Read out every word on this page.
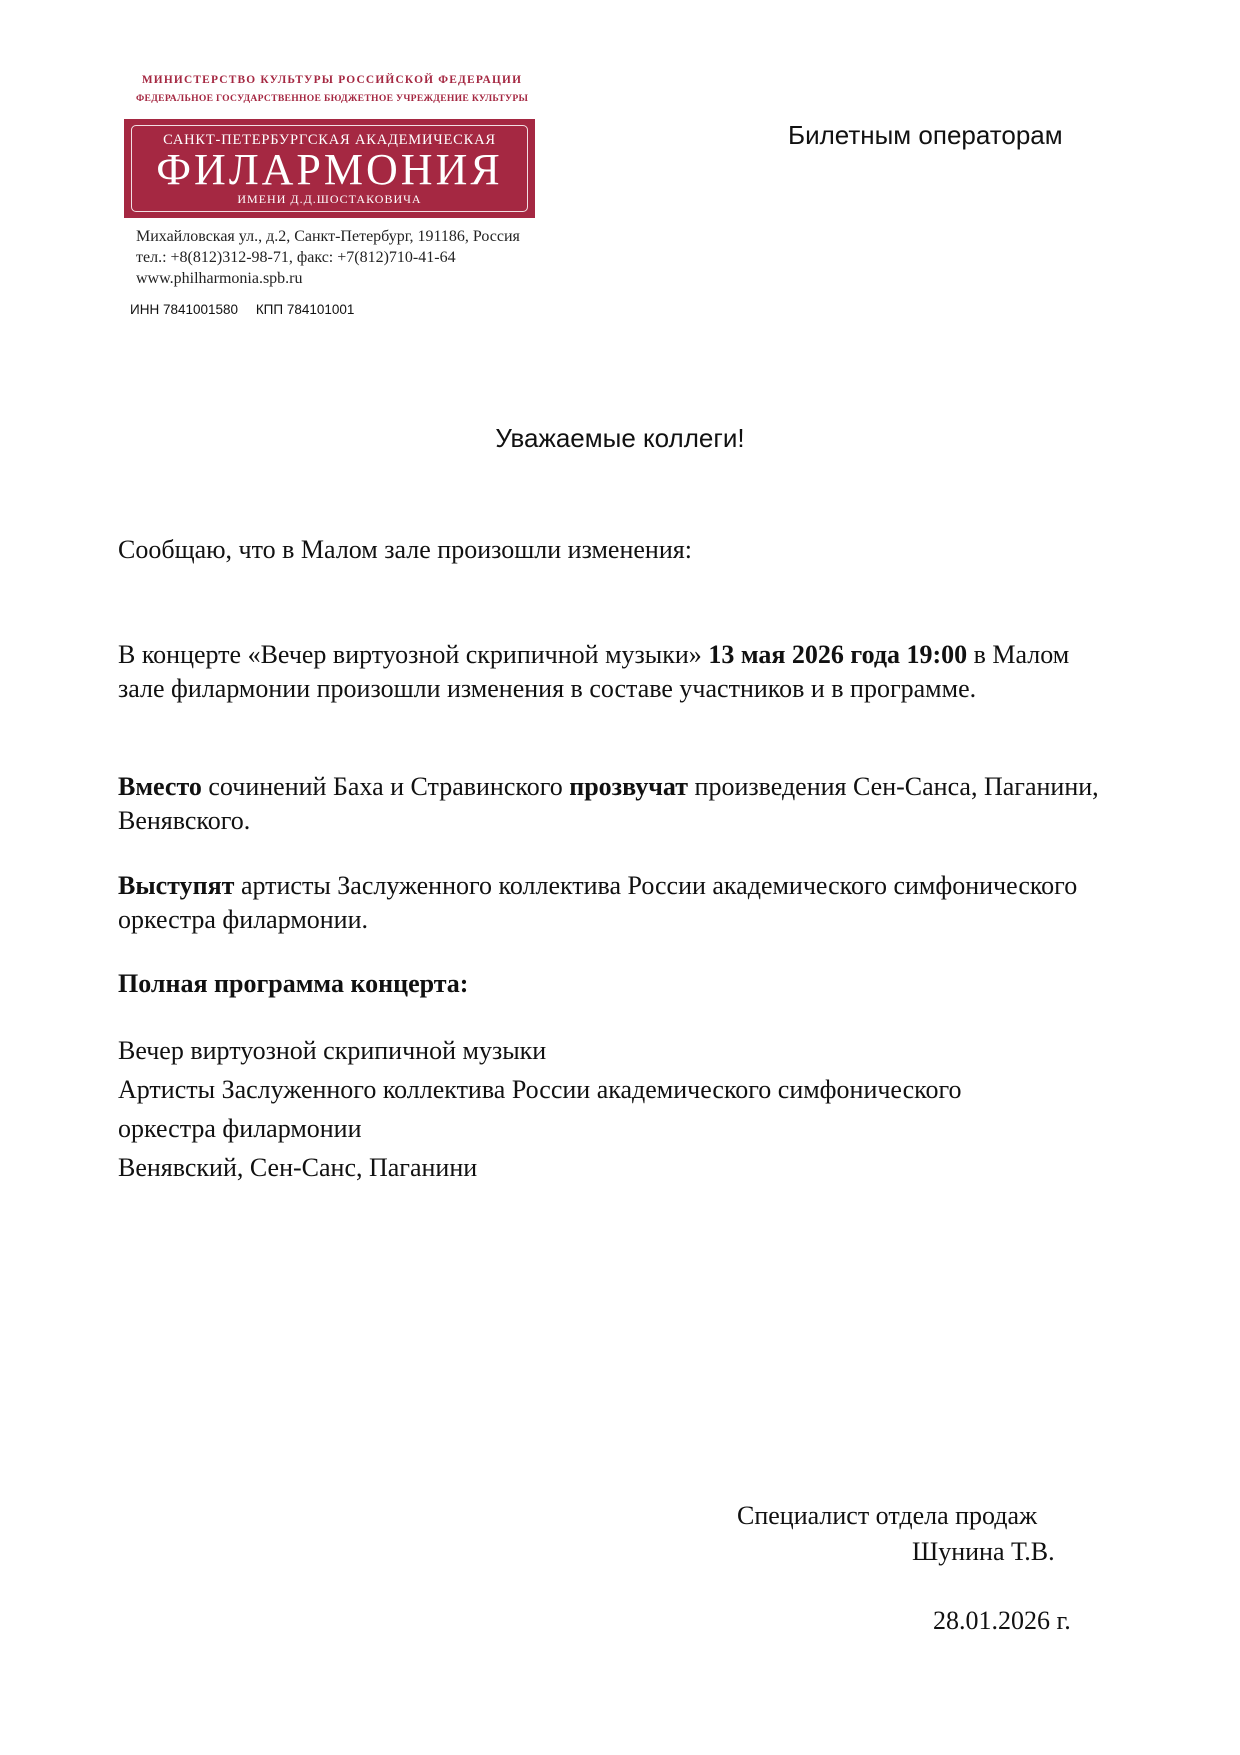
МИНИСТЕРСТВО КУЛЬТУРЫ РОССИЙСКОЙ ФЕДЕРАЦИИ
ФЕДЕРАЛЬНОЕ ГОСУДАРСТВЕННОЕ БЮДЖЕТНОЕ УЧРЕЖДЕНИЕ КУЛЬТУРЫ
САНКТ-ПЕТЕРБУРГСКАЯ АКАДЕМИЧЕСКАЯ
ФИЛАРМОНИЯ
ИМЕНИ Д.Д.ШОСТАКОВИЧА
Михайловская ул., д.2, Санкт-Петербург, 191186, Россия
тел.: +8(812)312-98-71, факс: +7(812)710-41-64
www.philharmonia.spb.ru
ИНН 7841001580 КПП 784101001
Билетным операторам
Уважаемые коллеги!
Сообщаю, что в Малом зале произошли изменения:
В концерте «Вечер виртуозной скрипичной музыки» 13 мая 2026 года 19:00 в Малом зале филармонии произошли изменения в составе участников и в программе.
Вместо сочинений Баха и Стравинского прозвучат произведения Сен-Санса, Паганини, Венявского.
Выступят артисты Заслуженного коллектива России академического симфонического оркестра филармонии.
Полная программа концерта:
Вечер виртуозной скрипичной музыки
Артисты Заслуженного коллектива России академического симфонического
оркестра филармонии
Венявский, Сен-Санс, Паганини
Специалист отдела продаж
Шунина Т.В.
28.01.2026 г.
